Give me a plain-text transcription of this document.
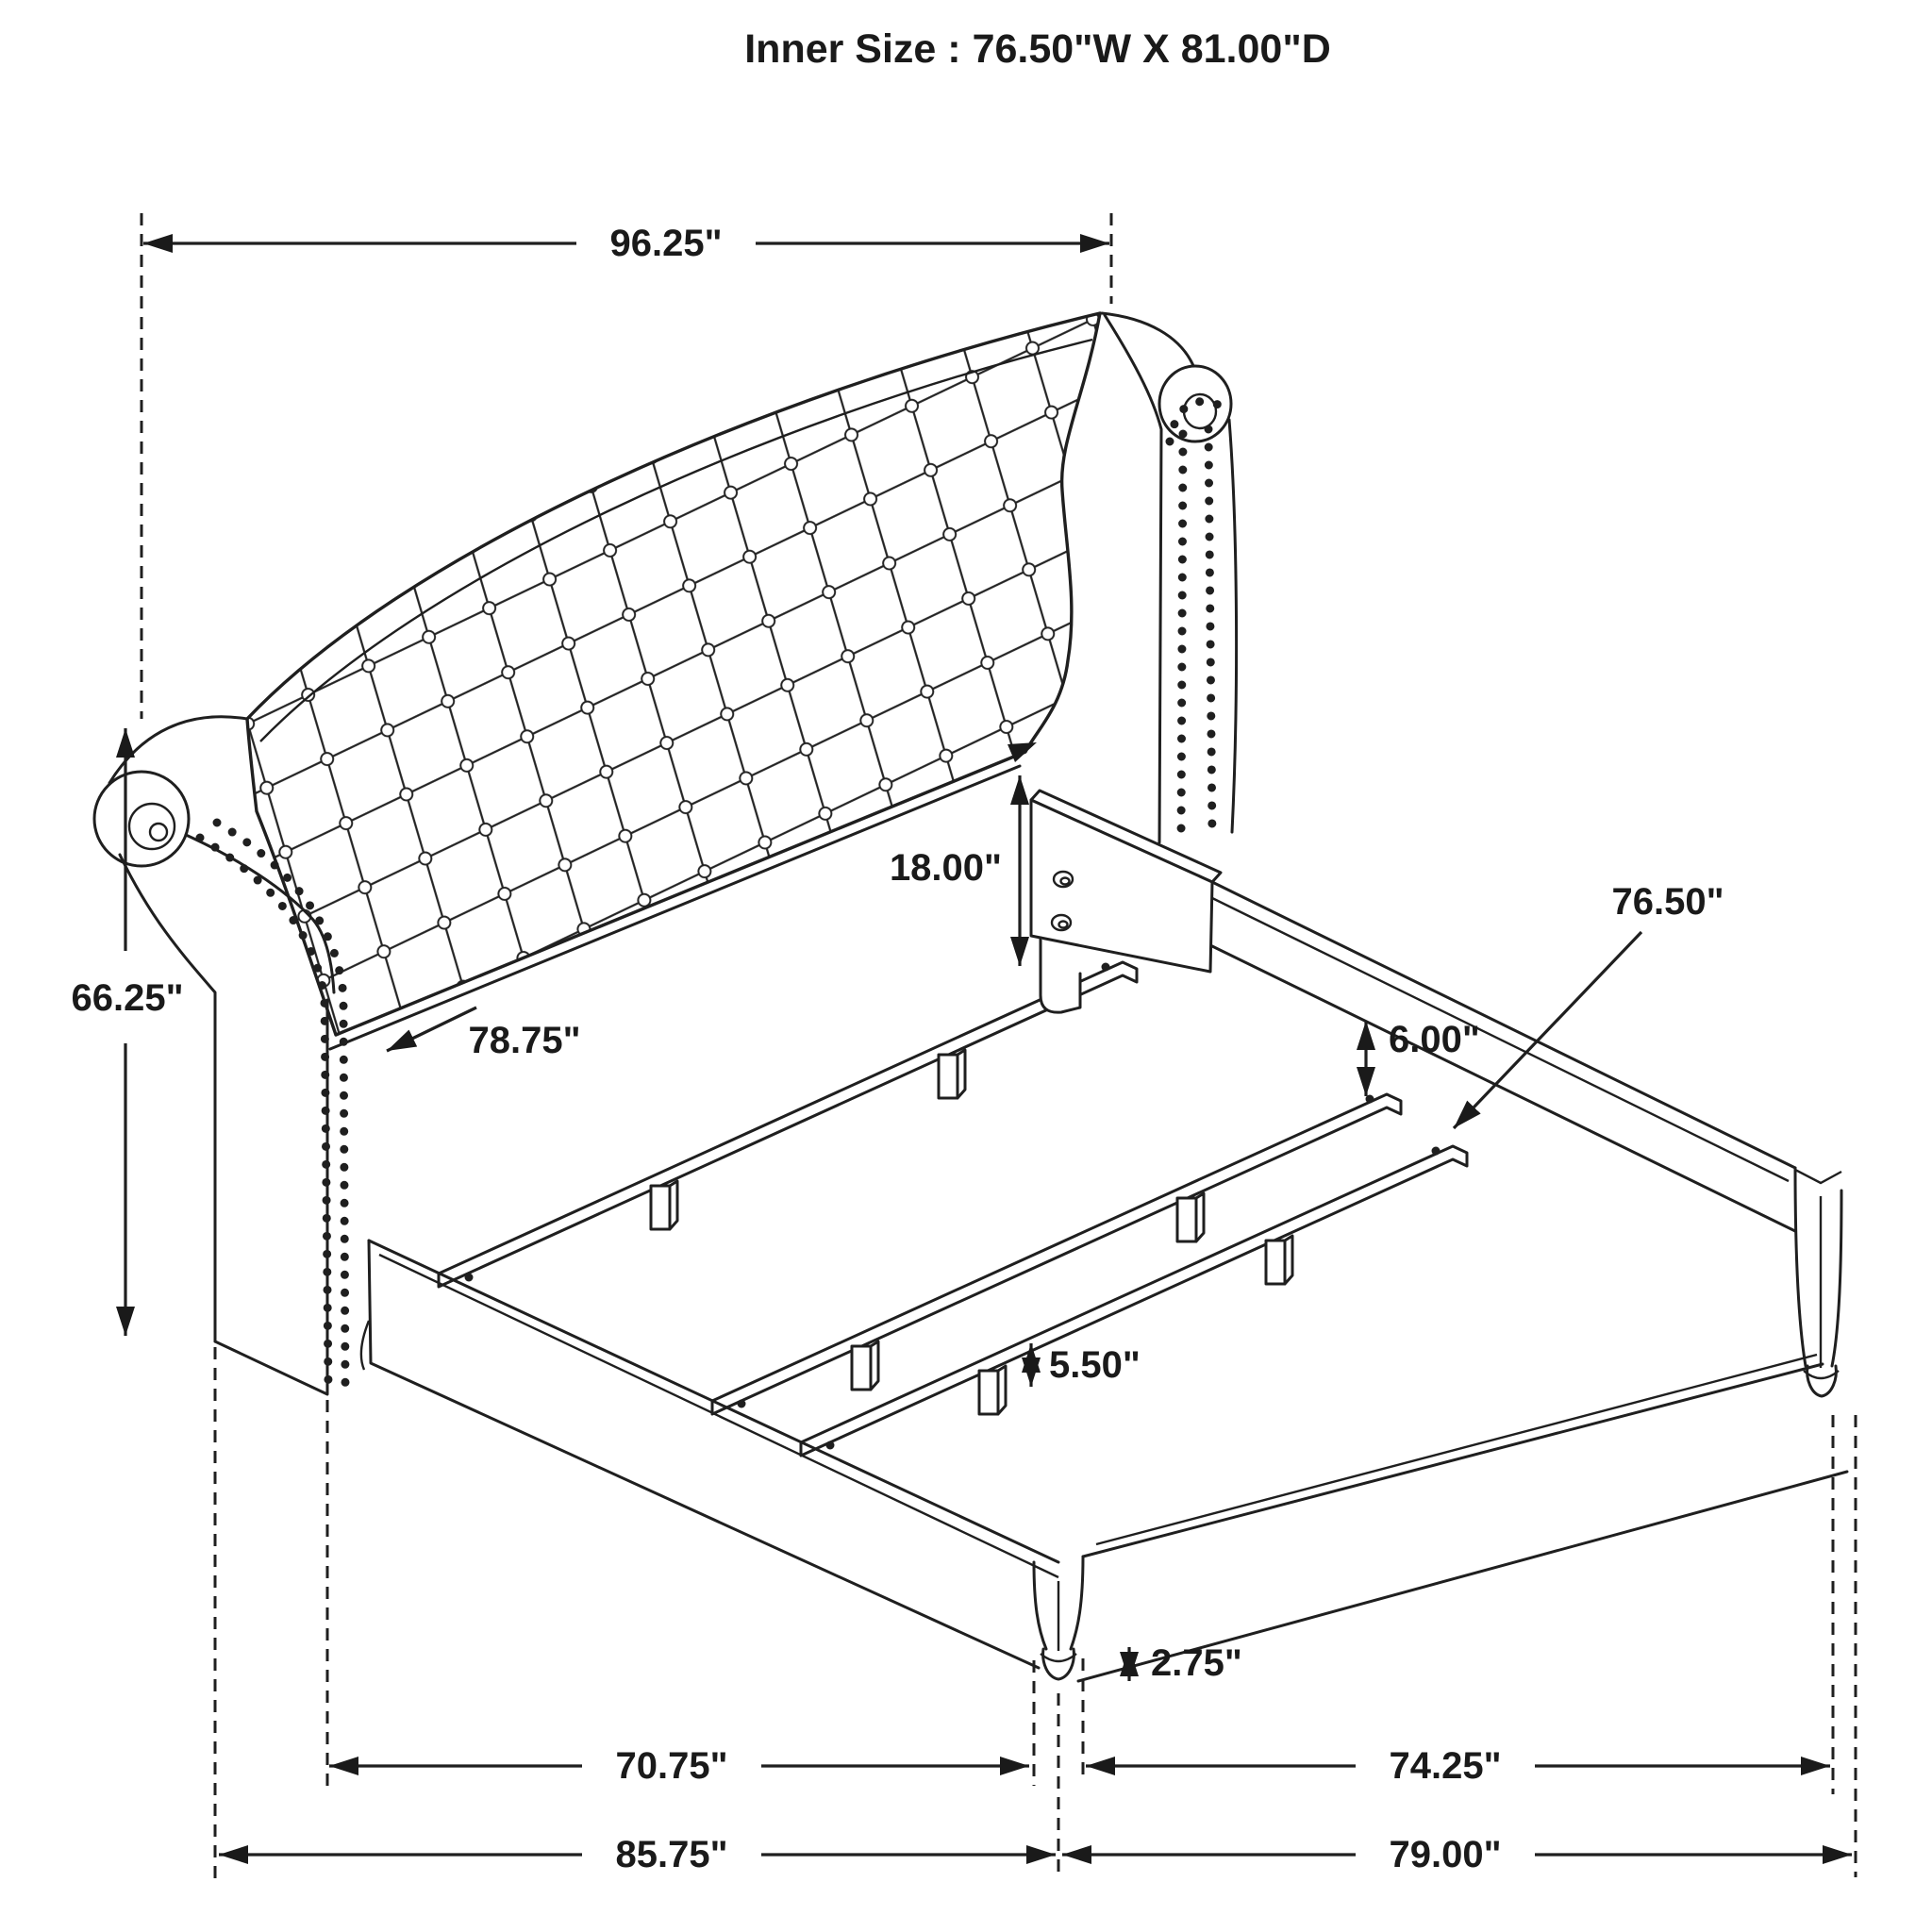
96.25"
66.25"
18.00"
78.75"	6.00"
76.50"
5.50"
2.75"
70.75"	74.25"
85.75"	79.00"
Inner Size : 76.50"W X 81.00"D
